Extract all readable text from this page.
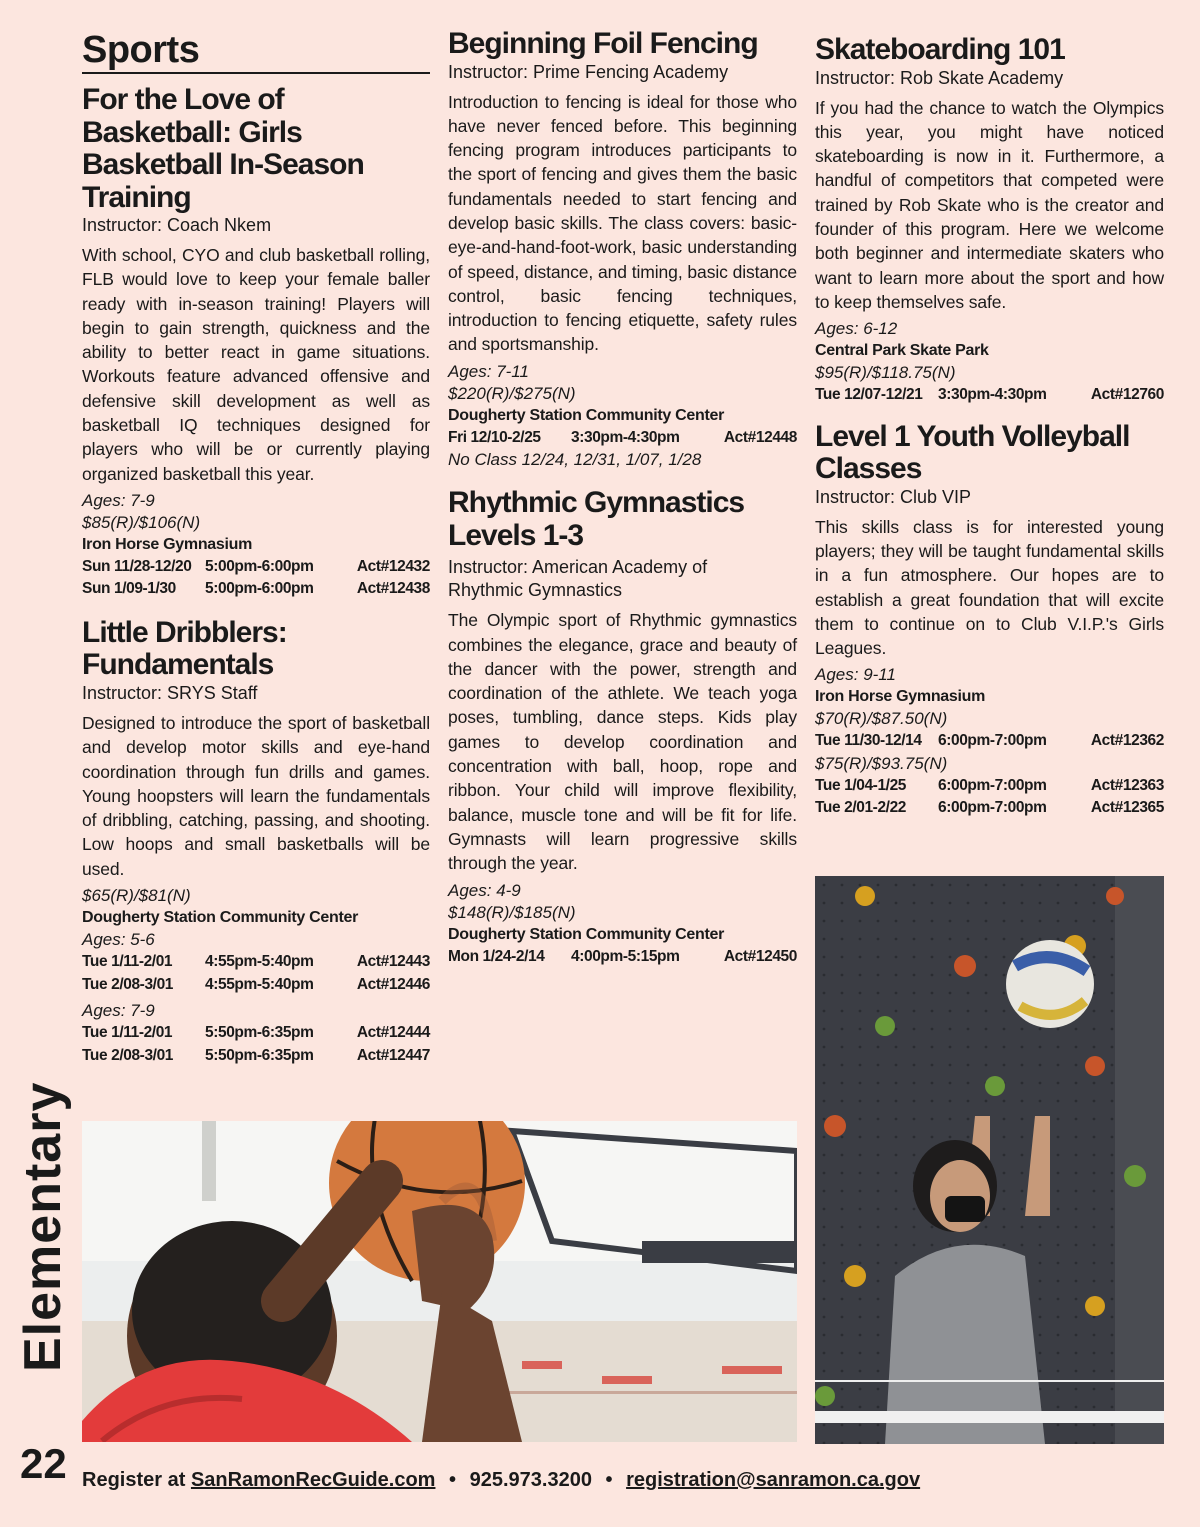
Sports
For the Love of
Basketball: Girls
Basketball In-Season
Training
Instructor: Coach Nkem
With school, CYO and club basketball rolling, FLB would love to keep your female baller ready with in-season training! Players will begin to gain strength, quickness and the ability to better react in game situations. Workouts feature advanced offensive and defensive skill development as well as basketball IQ techniques designed for players who will be or currently playing organized basketball this year.
Ages: 7-9
$85(R)/$106(N)
Iron Horse Gymnasium
Sun 11/28-12/20 5:00pm-6:00pm	Act#12432
Sun 1/09-1/30	5:00pm-6:00pm	Act#12438
Little Dribblers:
Fundamentals
Instructor: SRYS Staff
Designed to introduce the sport of basketball and develop motor skills and eye-hand coordination through fun drills and games. Young hoopsters will learn the fundamentals of dribbling, catching, passing, and shooting. Low hoops and small basketballs will be used.
$65(R)/$81(N)
Dougherty Station Community Center
Ages: 5-6
Tue 1/11-2/01	4:55pm-5:40pm	Act#12443
Tue 2/08-3/01	4:55pm-5:40pm	Act#12446
Ages: 7-9
Tue 1/11-2/01	5:50pm-6:35pm	Act#12444
Tue 2/08-3/01	5:50pm-6:35pm	Act#12447
Beginning Foil Fencing
Instructor: Prime Fencing Academy
Introduction to fencing is ideal for those who have never fenced before. This beginning fencing program introduces participants to the sport of fencing and gives them the basic fundamentals needed to start fencing and develop basic skills. The class covers: basic-eye-and-hand-foot-work, basic understanding of speed, distance, and timing, basic distance control, basic fencing techniques, introduction to fencing etiquette, safety rules and sportsmanship.
Ages: 7-11
$220(R)/$275(N)
Dougherty Station Community Center
Fri 12/10-2/25	3:30pm-4:30pm	Act#12448
No Class 12/24, 12/31, 1/07, 1/28
Rhythmic Gymnastics
Levels 1-3
Instructor: American Academy of
Rhythmic Gymnastics
The Olympic sport of Rhythmic gymnastics combines the elegance, grace and beauty of the dancer with the power, strength and coordination of the athlete. We teach yoga poses, tumbling, dance steps. Kids play games to develop coordination and concentration with ball, hoop, rope and ribbon. Your child will improve flexibility, balance, muscle tone and will be fit for life. Gymnasts will learn progressive skills through the year.
Ages: 4-9
$148(R)/$185(N)
Dougherty Station Community Center
Mon 1/24-2/14	4:00pm-5:15pm	Act#12450
Skateboarding 101
Instructor: Rob Skate Academy
If you had the chance to watch the Olympics this year, you might have noticed skateboarding is now in it. Furthermore, a handful of competitors that competed were trained by Rob Skate who is the creator and founder of this program. Here we welcome both beginner and intermediate skaters who want to learn more about the sport and how to keep themselves safe.
Ages: 6-12
Central Park Skate Park
$95(R)/$118.75(N)
Tue 12/07-12/21	3:30pm-4:30pm	Act#12760
Level 1 Youth Volleyball
Classes
Instructor: Club VIP
This skills class is for interested young players; they will be taught fundamental skills in a fun atmosphere. Our hopes are to establish a great foundation that will excite them to continue on to Club V.I.P.'s Girls Leagues.
Ages: 9-11
Iron Horse Gymnasium
$70(R)/$87.50(N)
Tue 11/30-12/14	6:00pm-7:00pm	Act#12362
$75(R)/$93.75(N)
Tue 1/04-1/25	6:00pm-7:00pm	Act#12363
Tue 2/01-2/22	6:00pm-7:00pm	Act#12365
Elementary
22 Register at SanRamonRecGuide.com • 925.973.3200 • registration@sanramon.ca.gov
